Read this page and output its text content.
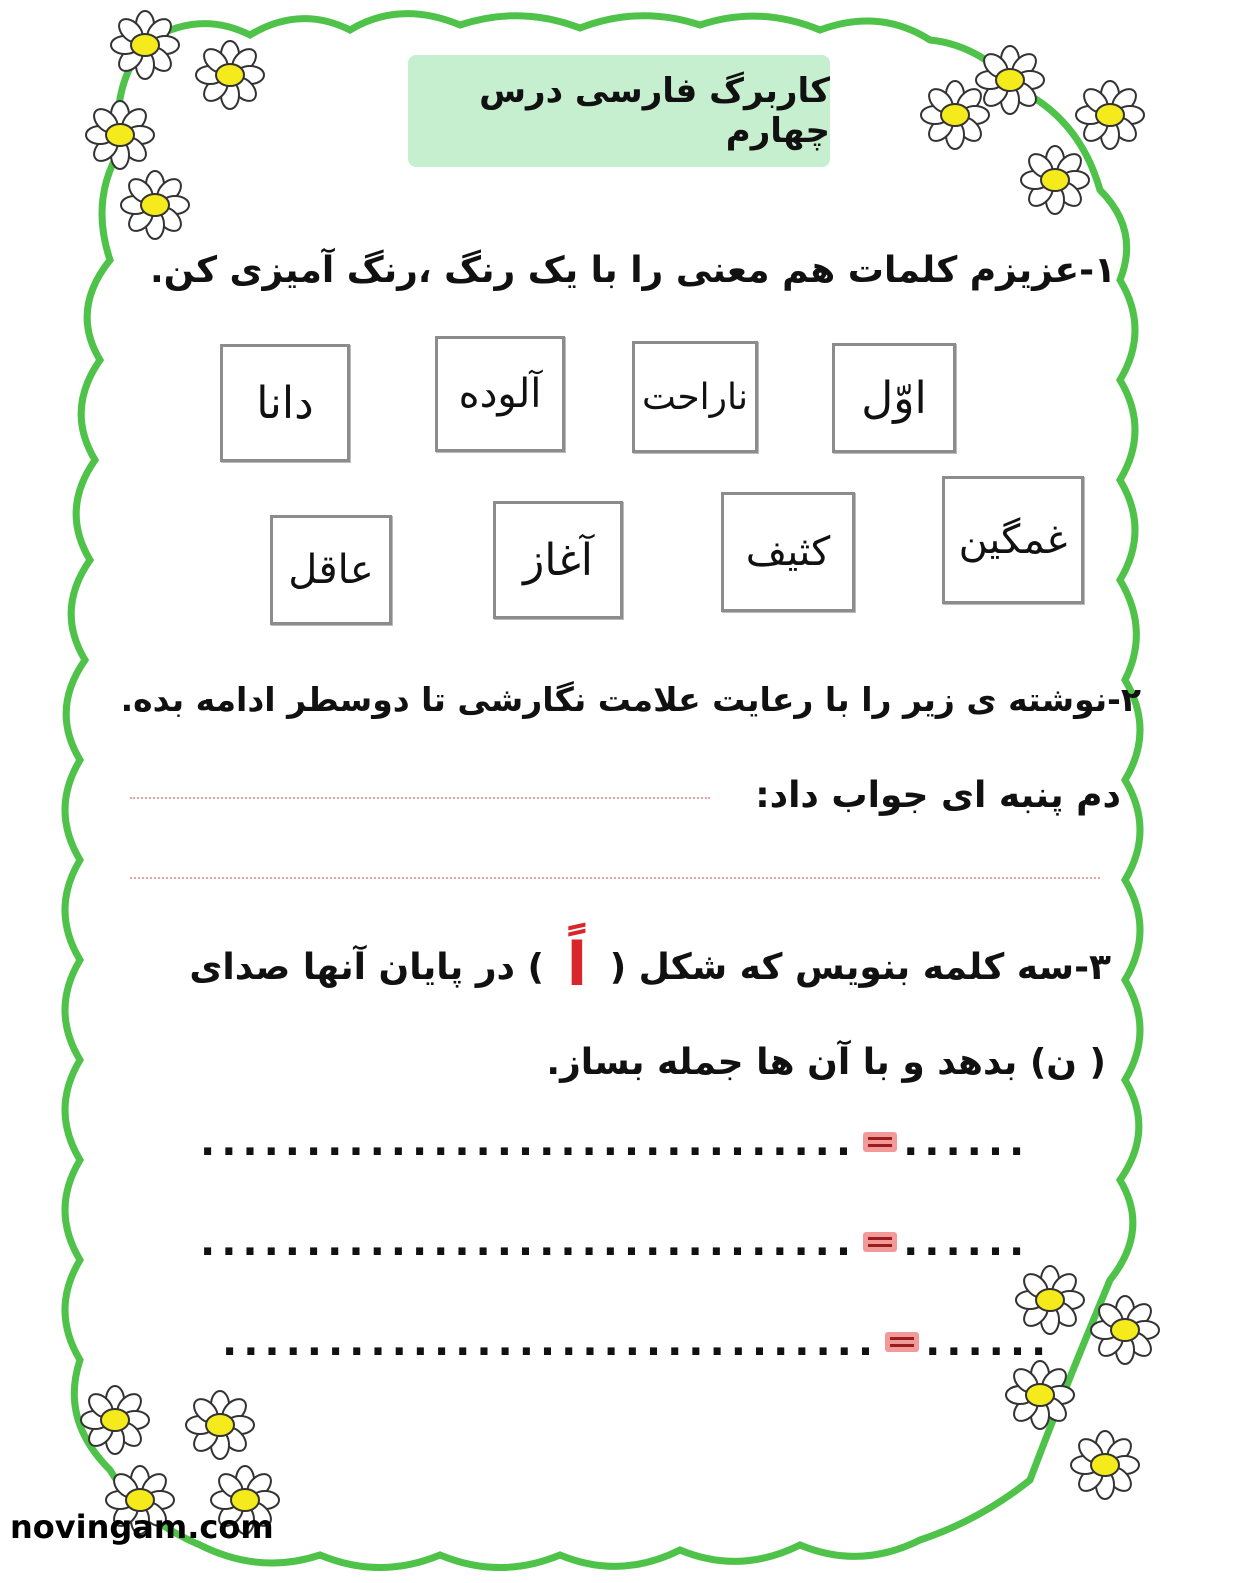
کاربرگ فارسی درس چهارم
۱-عزیزم کلمات هم معنی را با یک رنگ ،رنگ آمیزی کن.
اوّل
ناراحت
آلوده
دانا
غمگین
کثیف
آغاز
عاقل
۲-نوشته ی زیر را با رعایت علامت نگارشی تا دوسطر ادامه بده.
دم پنبه ای جواب داد:
۳-سه کلمه بنویس که شکل ( اً ) در پایان آنها صدای
( ن) بدهد و با آن ها جمله بساز.
............................... ......
............................... ......
............................... ......
novingam.com
